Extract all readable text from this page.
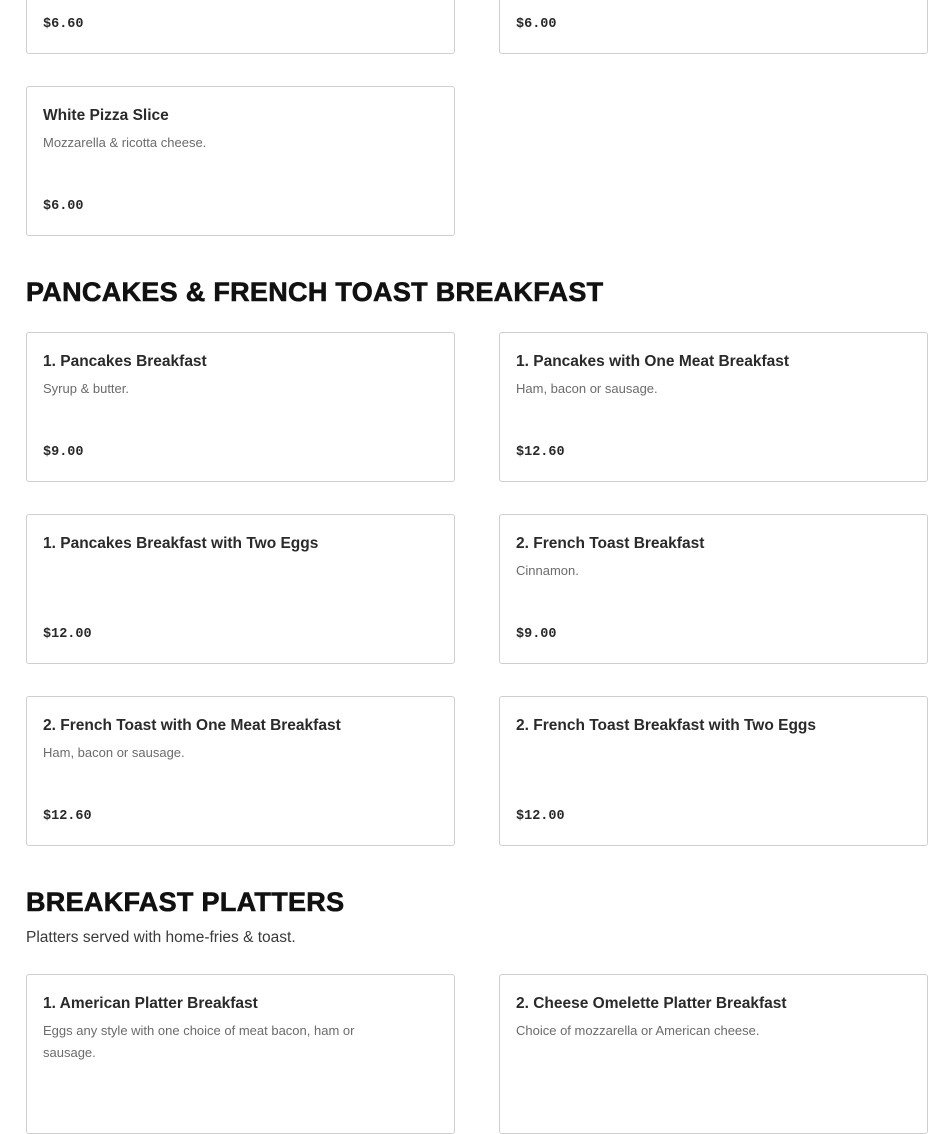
$6.60	$6.00
White Pizza Slice
Mozzarella & ricotta cheese.
$6.00
PANCAKES & FRENCH TOAST BREAKFAST
1. Pancakes Breakfast
Syrup & butter.
$9.00
1. Pancakes with One Meat Breakfast
Ham, bacon or sausage.
$12.60
1. Pancakes Breakfast with Two Eggs
$12.00
2. French Toast Breakfast
Cinnamon.
$9.00
2. French Toast with One Meat Breakfast
Ham, bacon or sausage.
$12.60
2. French Toast Breakfast with Two Eggs
$12.00
BREAKFAST PLATTERS

Platters served with home-fries & toast.

1. American Platter Breakfast
Eggs any style with one choice of meat bacon, ham or sausage.
2. Cheese Omelette Platter Breakfast
Choice of mozzarella or American cheese.
